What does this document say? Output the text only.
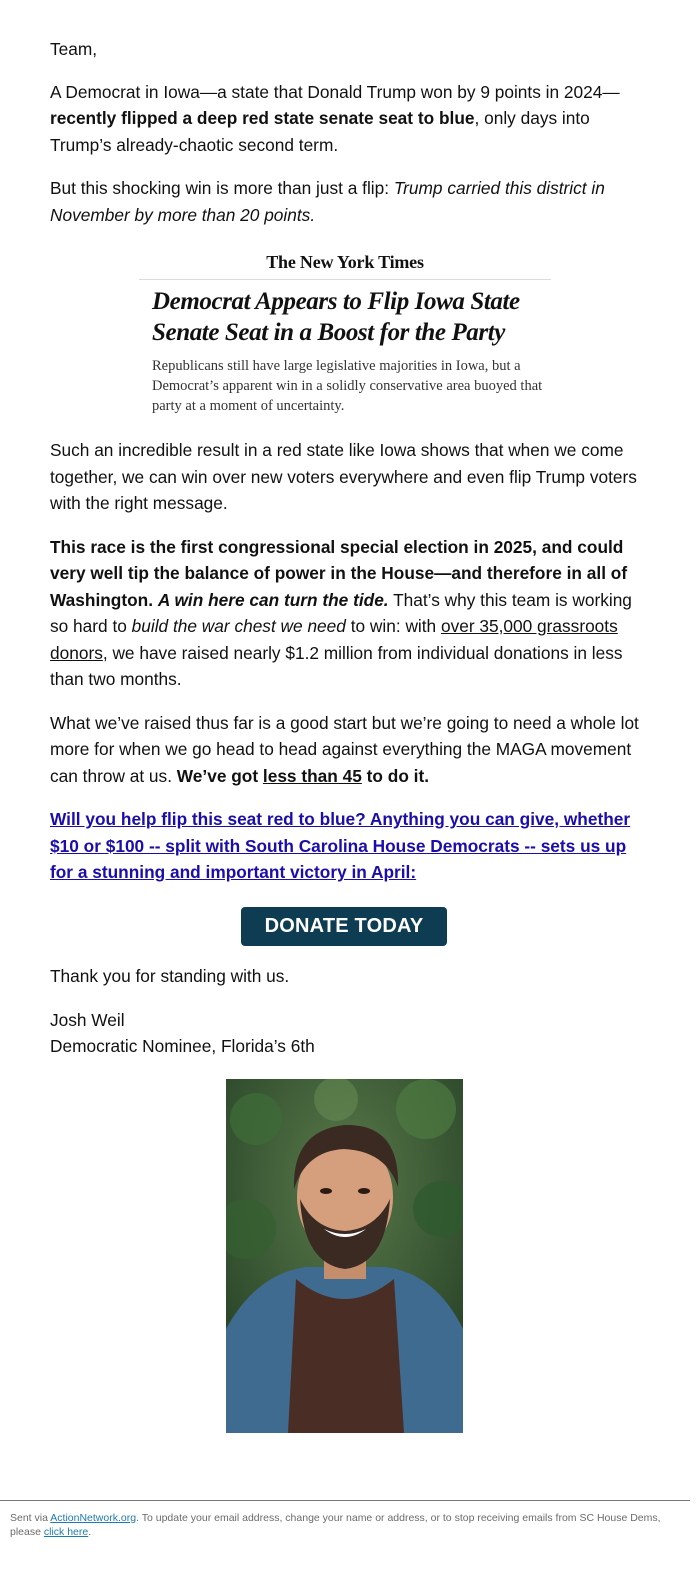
Team,

A Democrat in Iowa—a state that Donald Trump won by 9 points in 2024—recently flipped a deep red state senate seat to blue, only days into Trump’s already-chaotic second term.

But this shocking win is more than just a flip: Trump carried this district in November by more than 20 points.

The New York Times
Democrat Appears to Flip Iowa State Senate Seat in a Boost for the Party
Republicans still have large legislative majorities in Iowa, but a Democrat’s apparent win in a solidly conservative area buoyed that party at a moment of uncertainty.

Such an incredible result in a red state like Iowa shows that when we come together, we can win over new voters everywhere and even flip Trump voters with the right message.

This race is the first congressional special election in 2025, and could very well tip the balance of power in the House—and therefore in all of Washington. A win here can turn the tide. That’s why this team is working so hard to build the war chest we need to win: with over 35,000 grassroots donors, we have raised nearly $1.2 million from individual donations in less than two months.

What we’ve raised thus far is a good start but we’re going to need a whole lot more for when we go head to head against everything the MAGA movement can throw at us. We’ve got less than 45 to do it.

Will you help flip this seat red to blue? Anything you can give, whether $10 or $100 -- split with South Carolina House Democrats -- sets us up for a stunning and important victory in April:

DONATE TODAY

Thank you for standing with us.

Josh Weil

Democratic Nominee, Florida’s 6th

Sent via ActionNetwork.org. To update your email address, change your name or address, or to stop receiving emails from SC House Dems, please click here.
